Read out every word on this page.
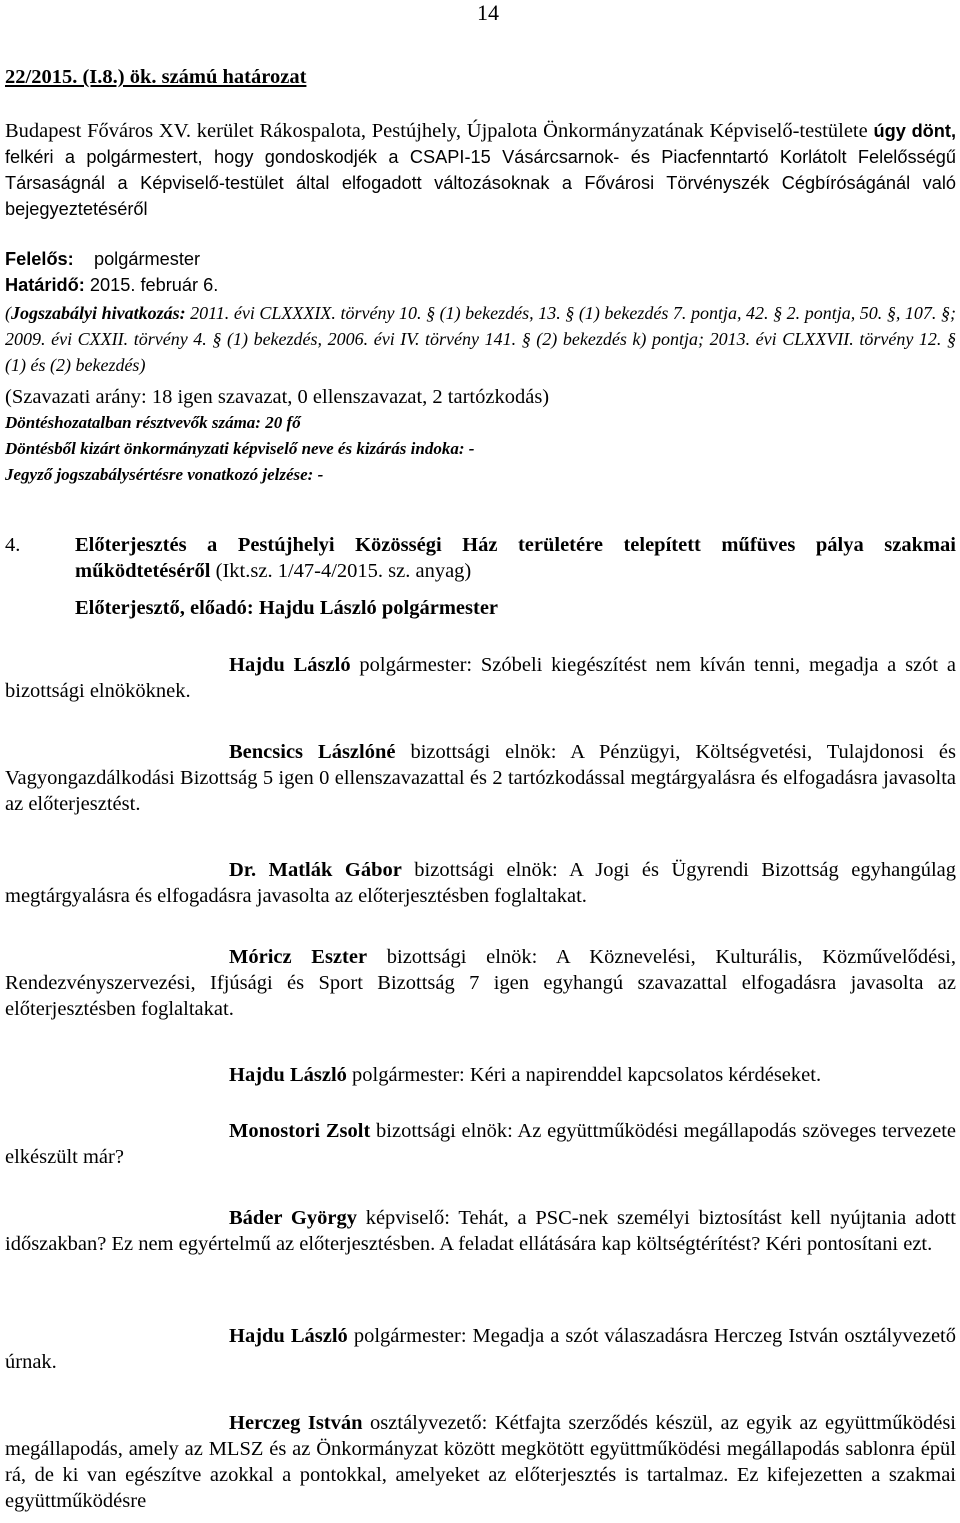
14
22/2015. (I.8.) ök. számú határozat

Budapest Főváros XV. kerület Rákospalota, Pestújhely, Újpalota Önkormányzatának Képviselő-testülete úgy dönt, felkéri a polgármestert, hogy gondoskodjék a CSAPI-15 Vásárcsarnok- és Piacfenntartó Korlátolt Felelősségű Társaságnál a Képviselő-testület által elfogadott változásoknak a Fővárosi Törvényszék Cégbíróságánál való bejegyeztetéséről

Felelős: polgármester
Határidő: 2015. február 6.

(Jogszabályi hivatkozás: 2011. évi CLXXXIX. törvény 10. § (1) bekezdés, 13. § (1) bekezdés 7. pontja, 42. § 2. pontja, 50. §, 107. §; 2009. évi CXXII. törvény 4. § (1) bekezdés, 2006. évi IV. törvény 141. § (2) bekezdés k) pontja; 2013. évi CLXXVII. törvény 12. § (1) és (2) bekezdés)

(Szavazati arány: 18 igen szavazat, 0 ellenszavazat, 2 tartózkodás)

Döntéshozatalban résztvevők száma: 20 fő

Döntésből kizárt önkormányzati képviselő neve és kizárás indoka: -

Jegyző jogszabálysértésre vonatkozó jelzése: -

4.	Előterjesztés a Pestújhelyi Közösségi Ház területére telepített műfüves pálya szakmai működtetéséről (Ikt.sz. 1/47-4/2015. sz. anyag)
Előterjesztő, előadó: Hajdu László polgármester

Hajdu László polgármester: Szóbeli kiegészítést nem kíván tenni, megadja a szót a bizottsági elnököknek.

Bencsics Lászlóné bizottsági elnök: A Pénzügyi, Költségvetési, Tulajdonosi és Vagyongazdálkodási Bizottság 5 igen 0 ellenszavazattal és 2 tartózkodással megtárgyalásra és elfogadásra javasolta az előterjesztést.

Dr. Matlák Gábor bizottsági elnök: A Jogi és Ügyrendi Bizottság egyhangúlag megtárgyalásra és elfogadásra javasolta az előterjesztésben foglaltakat.

Móricz Eszter bizottsági elnök: A Köznevelési, Kulturális, Közművelődési, Rendezvényszervezési, Ifjúsági és Sport Bizottság 7 igen egyhangú szavazattal elfogadásra javasolta az előterjesztésben foglaltakat.

Hajdu László polgármester: Kéri a napirenddel kapcsolatos kérdéseket.

Monostori Zsolt bizottsági elnök: Az együttműködési megállapodás szöveges tervezete elkészült már?

Báder György képviselő: Tehát, a PSC-nek személyi biztosítást kell nyújtania adott időszakban? Ez nem egyértelmű az előterjesztésben. A feladat ellátására kap költségtérítést? Kéri pontosítani ezt.

Hajdu László polgármester: Megadja a szót válaszadásra Herczeg István osztályvezető úrnak.

Herczeg István osztályvezető: Kétfajta szerződés készül, az egyik az együttműködési megállapodás, amely az MLSZ és az Önkormányzat között megkötött együttműködési megállapodás sablonra épül rá, de ki van egészítve azokkal a pontokkal, amelyeket az előterjesztés is tartalmaz. Ez kifejezetten a szakmai együttműködésre
